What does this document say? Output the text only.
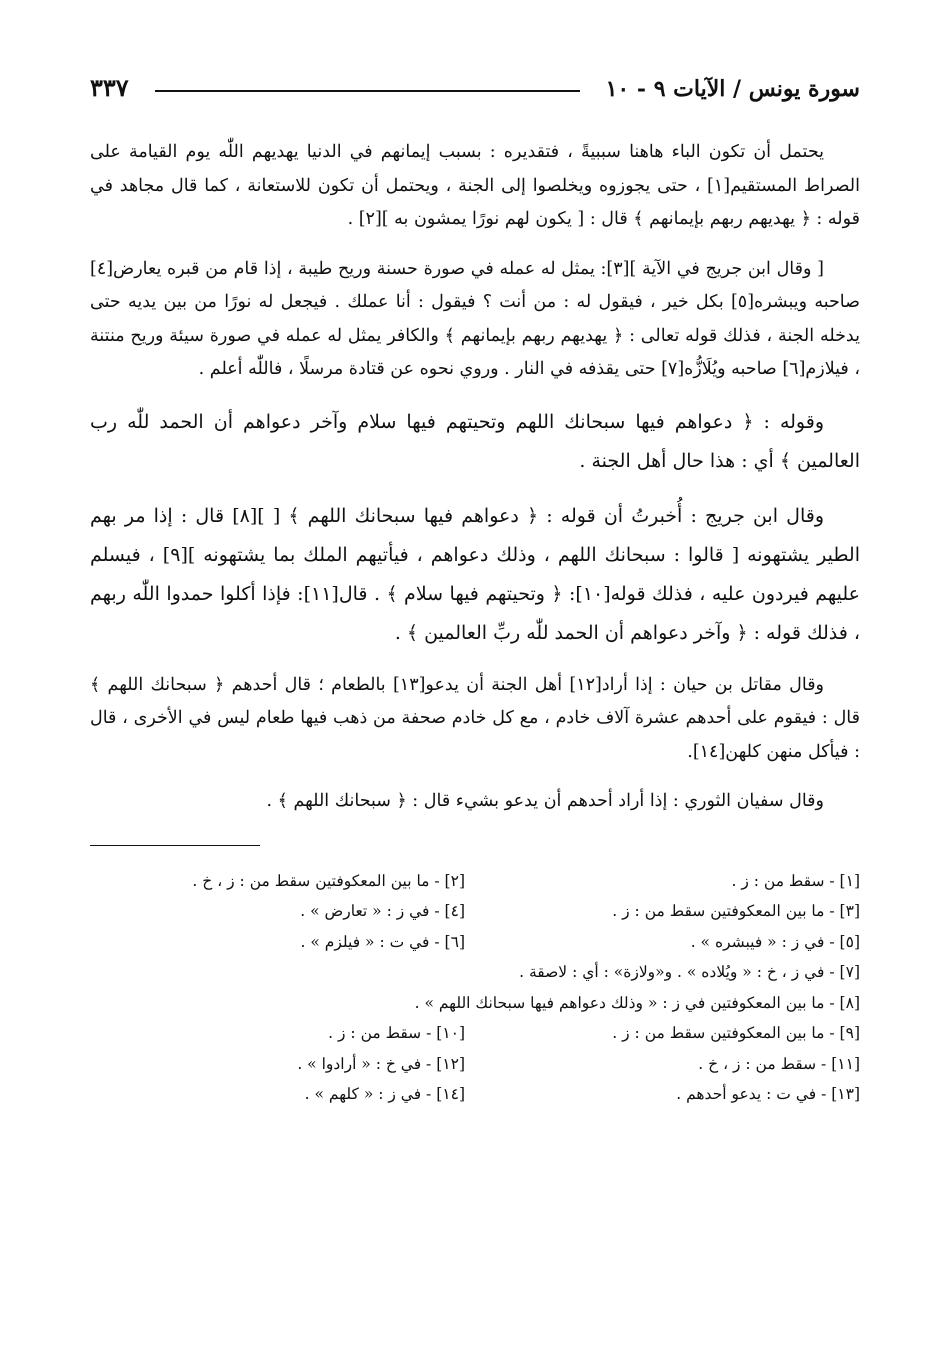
سورة يونس / الآيات ٩ - ١٠
٣٣٧

يحتمل أن تكون الباء هاهنا سببيةً ، فتقديره : بسبب إيمانهم في الدنيا يهديهم اللّٰه يوم القيامة على الصراط المستقيم[١] ، حتى يجوزوه ويخلصوا إلى الجنة ، ويحتمل أن تكون للاستعانة ، كما قال مجاهد في قوله : ﴿ يهديهم ربهم بإيمانهم ﴾ قال : [ يكون لهم نورًا يمشون به ][٢] .

[ وقال ابن جريج في الآية ][٣]: يمثل له عمله في صورة حسنة وريح طيبة ، إذا قام من قبره يعارض[٤] صاحبه ويبشره[٥] بكل خير ، فيقول له : من أنت ؟ فيقول : أنا عملك . فيجعل له نورًا من بين يديه حتى يدخله الجنة ، فذلك قوله تعالى : ﴿ يهديهم ربهم بإيمانهم ﴾ والكافر يمثل له عمله في صورة سيئة وريح منتنة ، فيلازم[٦] صاحبه ويُلَازُّه[٧] حتى يقذفه في النار . وروي نحوه عن قتادة مرسلًا ، فاللّٰه أعلم .

وقوله : ﴿ دعواهم فيها سبحانك اللهم وتحيتهم فيها سلام وآخر دعواهم أن الحمد للّٰه رب العالمين ﴾ أي : هذا حال أهل الجنة .

وقال ابن جريج : أُخبرتُ أن قوله : ﴿ دعواهم فيها سبحانك اللهم ﴾ [ ][٨] قال : إذا مر بهم الطير يشتهونه [ قالوا : سبحانك اللهم ، وذلك دعواهم ، فيأتيهم الملك بما يشتهونه ][٩] ، فيسلم عليهم فيردون عليه ، فذلك قوله[١٠]: ﴿ وتحيتهم فيها سلام ﴾ . قال[١١]: فإذا أكلوا حمدوا اللّٰه ربهم ، فذلك قوله : ﴿ وآخر دعواهم أن الحمد للّٰه ربِّ العالمين ﴾ .

وقال مقاتل بن حيان : إذا أراد[١٢] أهل الجنة أن يدعو[١٣] بالطعام ؛ قال أحدهم ﴿ سبحانك اللهم ﴾ قال : فيقوم على أحدهم عشرة آلاف خادم ، مع كل خادم صحفة من ذهب فيها طعام ليس في الأخرى ، قال : فيأكل منهن كلهن[١٤].

وقال سفيان الثوري : إذا أراد أحدهم أن يدعو بشيء قال : ﴿ سبحانك اللهم ﴾ .

[١] - سقط من : ز .
[٢] - ما بين المعكوفتين سقط من : ز ، خ .
[٣] - ما بين المعكوفتين سقط من : ز .
[٤] - في ز : « تعارض » .
[٥] - في ز : « فيبشره » .
[٦] - في ت : « فيلزم » .
[٧] - في ز ، خ : « ويُلاده » . و«ولازة» : أي : لاصقة .
[٨] - ما بين المعكوفتين في ز : « وذلك دعواهم فيها سبحانك اللهم » .
[٩] - ما بين المعكوفتين سقط من : ز .
[١٠] - سقط من : ز .
[١١] - سقط من : ز ، خ .
[١٢] - في خ : « أرادوا » .
[١٣] - في ت : يدعو أحدهم .
[١٤] - في ز : « كلهم » .
